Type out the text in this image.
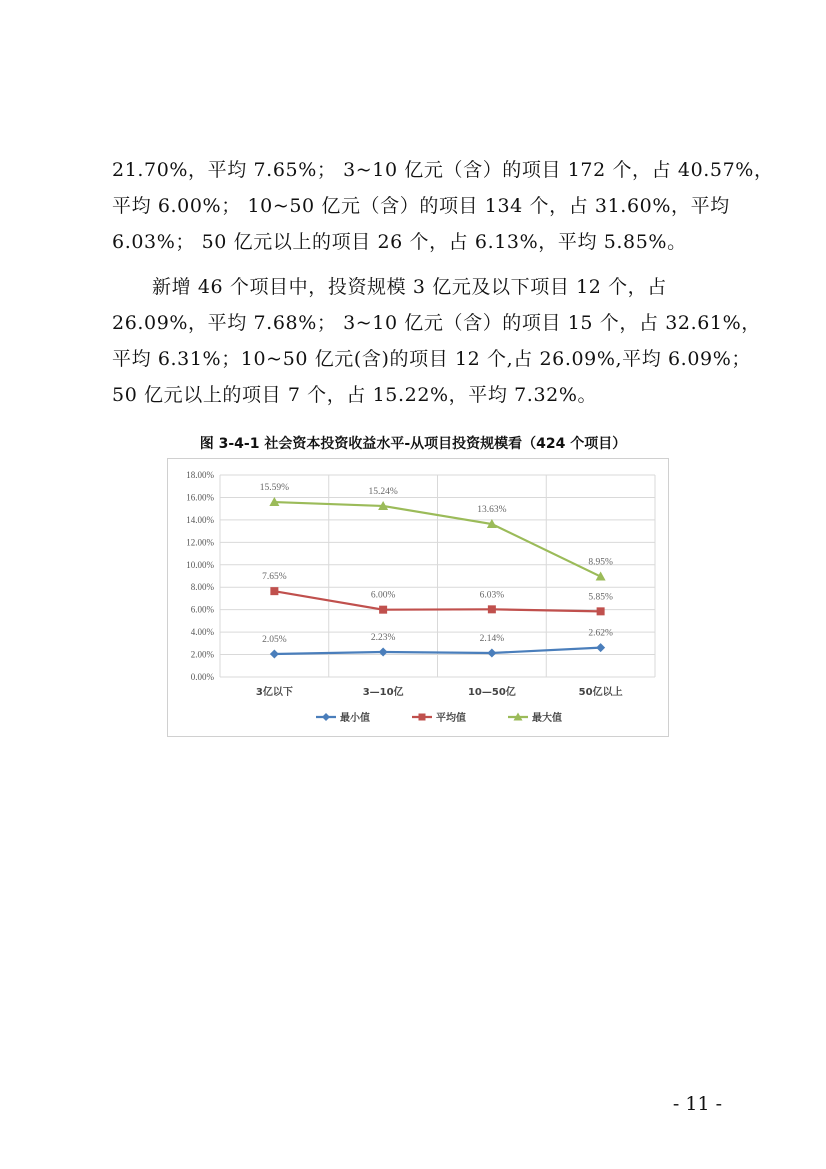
21.70%，平均 7.65%； 3~10 亿元（含）的项目 172 个，占 40.57%，
平均 6.00%； 10~50 亿元（含）的项目 134 个，占 31.60%，平均
6.03%； 50 亿元以上的项目 26 个，占 6.13%，平均 5.85%。
新增 46 个项目中，投资规模 3 亿元及以下项目 12 个，占
26.09%，平均 7.68%； 3~10 亿元（含）的项目 15 个，占 32.61%，
平均 6.31%；10~50 亿元(含)的项目 12 个,占 26.09%,平均 6.09%；
50 亿元以上的项目 7 个，占 15.22%，平均 7.32%。
图 3-4-1 社会资本投资收益水平-从项目投资规模看（424 个项目）
0.00%
2.00%
4.00%
6.00%
8.00%
10.00%
12.00%
14.00%
16.00%
18.00%
3亿以下	3—10亿	10—50亿	50亿以上
2.05%	2.23%	2.14%
2.62%
7.65%
6.00%	6.03%	5.85%
15.59%	15.24%
13.63%
8.95%
最小值	平均值	最大值
- 11 -
